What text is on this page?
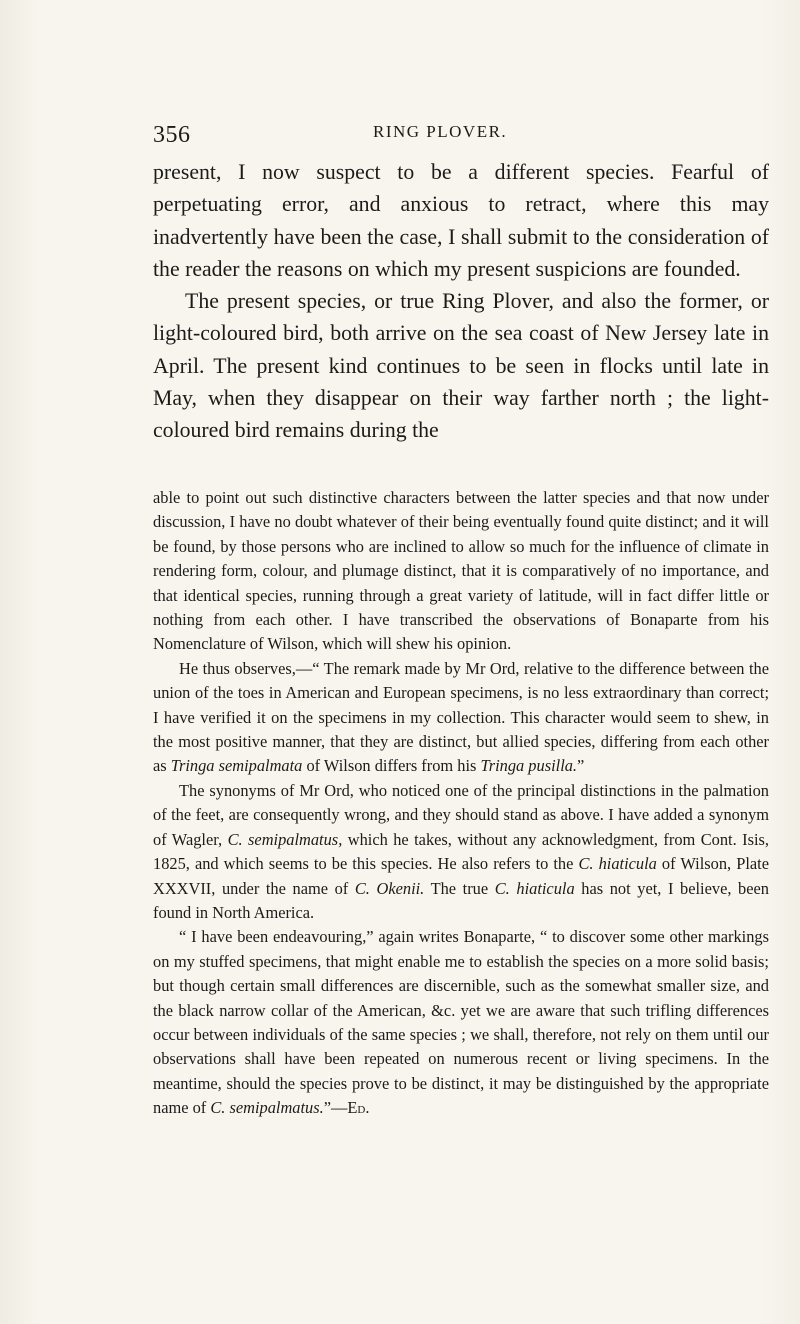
356	RING PLOVER.

present, I now suspect to be a different species. Fearful of perpetuating error, and anxious to retract, where this may inadvertently have been the case, I shall submit to the consideration of the reader the reasons on which my present suspicions are founded.

The present species, or true Ring Plover, and also the former, or light-coloured bird, both arrive on the sea coast of New Jersey late in April. The present kind continues to be seen in flocks until late in May, when they disappear on their way farther north ; the light-coloured bird remains during the

able to point out such distinctive characters between the latter species and that now under discussion, I have no doubt whatever of their being eventually found quite distinct; and it will be found, by those persons who are inclined to allow so much for the influence of climate in rendering form, colour, and plumage distinct, that it is comparatively of no importance, and that identical species, running through a great variety of latitude, will in fact differ little or nothing from each other. I have transcribed the observations of Bonaparte from his Nomenclature of Wilson, which will shew his opinion.

He thus observes,—“ The remark made by Mr Ord, relative to the difference between the union of the toes in American and European specimens, is no less extraordinary than correct; I have verified it on the specimens in my collection. This character would seem to shew, in the most positive manner, that they are distinct, but allied species, differing from each other as Tringa semipalmata of Wilson differs from his Tringa pusilla.”

The synonyms of Mr Ord, who noticed one of the principal distinctions in the palmation of the feet, are consequently wrong, and they should stand as above. I have added a synonym of Wagler, C. semipalmatus, which he takes, without any acknowledgment, from Cont. Isis, 1825, and which seems to be this species. He also refers to the C. hiaticula of Wilson, Plate XXXVII, under the name of C. Okenii. The true C. hiaticula has not yet, I believe, been found in North America.

“ I have been endeavouring,” again writes Bonaparte, “ to discover some other markings on my stuffed specimens, that might enable me to establish the species on a more solid basis; but though certain small differences are discernible, such as the somewhat smaller size, and the black narrow collar of the American, &c. yet we are aware that such trifling differences occur between individuals of the same species ; we shall, therefore, not rely on them until our observations shall have been repeated on numerous recent or living specimens. In the meantime, should the species prove to be distinct, it may be distinguished by the appropriate name of C. semipalmatus.”—Ed.
